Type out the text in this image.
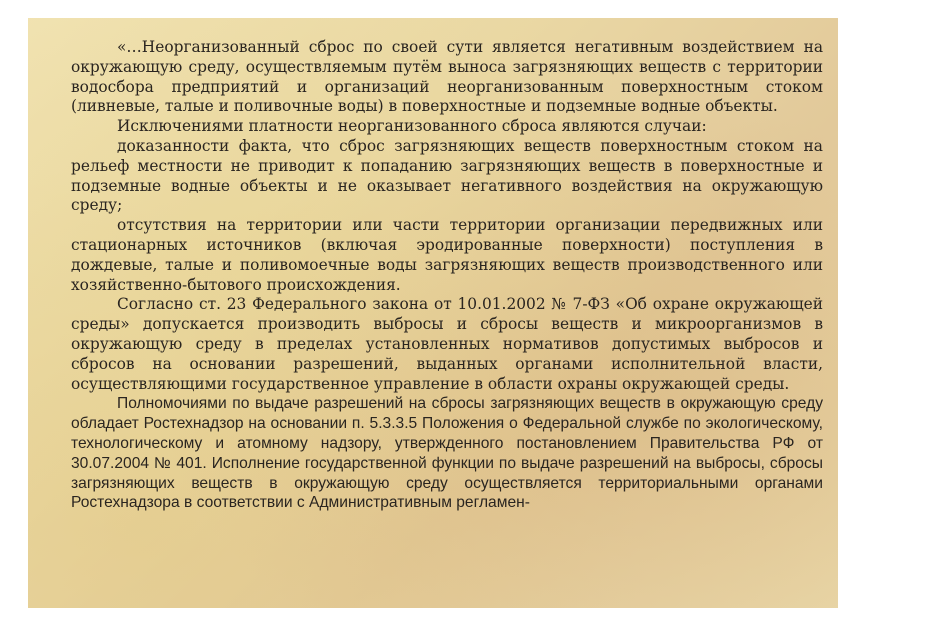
«…Неорганизованный сброс по своей сути является негативным воздействием на окружающую среду, осуществляемым путём выноса загрязняющих веществ с территории водосбора предприятий и организаций неорганизованным поверхностным стоком (ливневые, талые и поливочные воды) в поверхностные и подземные водные объекты.

Исключениями платности неорганизованного сброса являются случаи:

доказанности факта, что сброс загрязняющих веществ поверхностным стоком на рельеф местности не приводит к попаданию загрязняющих веществ в поверхностные и подземные водные объекты и не оказывает негативного воздействия на окружающую среду;

отсутствия на территории или части территории организации передвижных или стационарных источников (включая эродированные поверхности) поступления в дождевые, талые и поливомоечные воды загрязняющих веществ производственного или хозяйственно-бытового происхождения.

Согласно ст. 23 Федерального закона от 10.01.2002 № 7-ФЗ «Об охране окружающей среды» допускается производить выбросы и сбросы веществ и микроорганизмов в окружающую среду в пределах установленных нормативов допустимых выбросов и сбросов на основании разрешений, выданных органами исполнительной власти, осуществляющими государственное управление в области охраны окружающей среды.

Полномочиями по выдаче разрешений на сбросы загрязняющих веществ в окружающую среду обладает Ростехнадзор на основании п. 5.3.3.5 Положения о Федеральной службе по экологическому, технологическому и атомному надзору, утвержденного постановлением Правительства РФ от 30.07.2004 № 401. Исполнение государственной функции по выдаче разрешений на выбросы, сбросы загрязняющих веществ в окружающую среду осуществляется территориальными органами Ростехнадзора в соответствии с Административным регламен-
